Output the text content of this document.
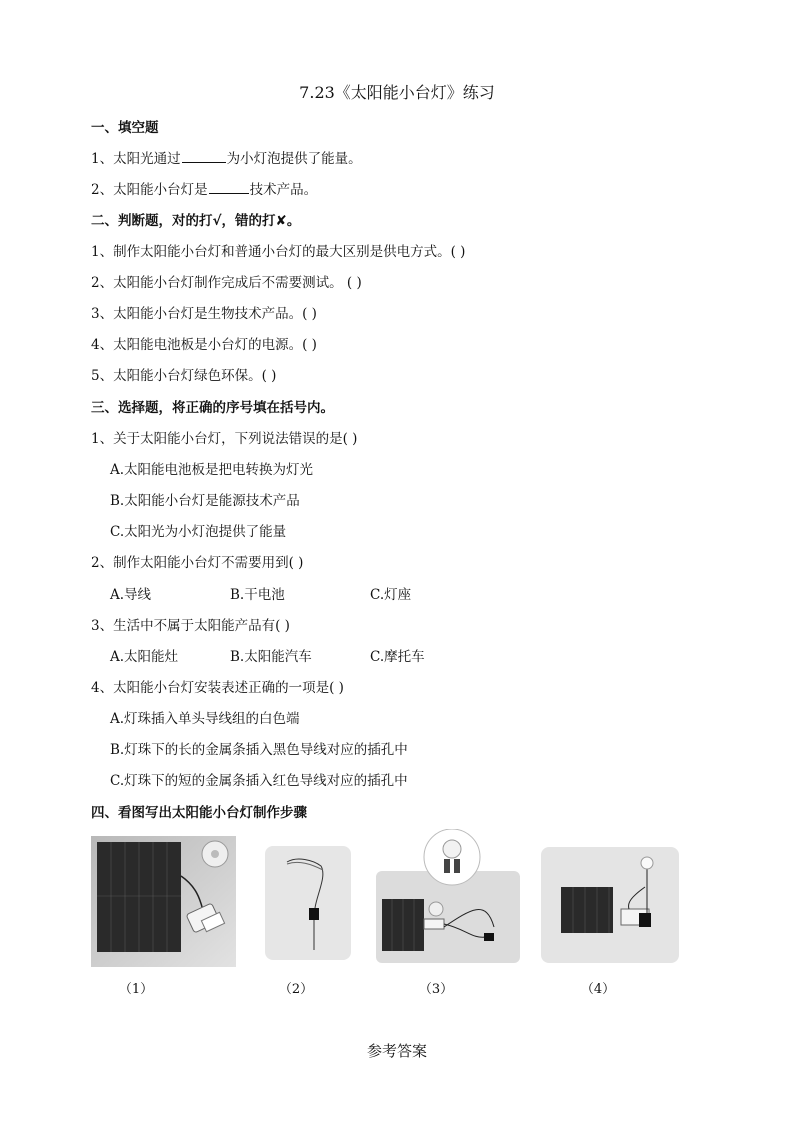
7.23《太阳能小台灯》练习
一、填空题
1、太阳光通过	为小灯泡提供了能量。
2、太阳能小台灯是	技术产品。
二、判断题，对的打√，错的打✘。
1、制作太阳能小台灯和普通小台灯的最大区别是供电方式。( )
2、太阳能小台灯制作完成后不需要测试。 ( )
3、太阳能小台灯是生物技术产品。( )
4、太阳能电池板是小台灯的电源。( )
5、太阳能小台灯绿色环保。( )
三、选择题，将正确的序号填在括号内。
1、关于太阳能小台灯，下列说法错误的是( )
A.太阳能电池板是把电转换为灯光
B.太阳能小台灯是能源技术产品
C.太阳光为小灯泡提供了能量
2、制作太阳能小台灯不需要用到( )
A.导线	B.干电池	C.灯座
3、生活中不属于太阳能产品有( )
A.太阳能灶	B.太阳能汽车	C.摩托车
4、太阳能小台灯安装表述正确的一项是( )
A.灯珠插入单头导线组的白色端
B.灯珠下的长的金属条插入黑色导线对应的插孔中
C.灯珠下的短的金属条插入红色导线对应的插孔中
四、看图写出太阳能小台灯制作步骤
（1）	（2）	（3）	（4）
参考答案
